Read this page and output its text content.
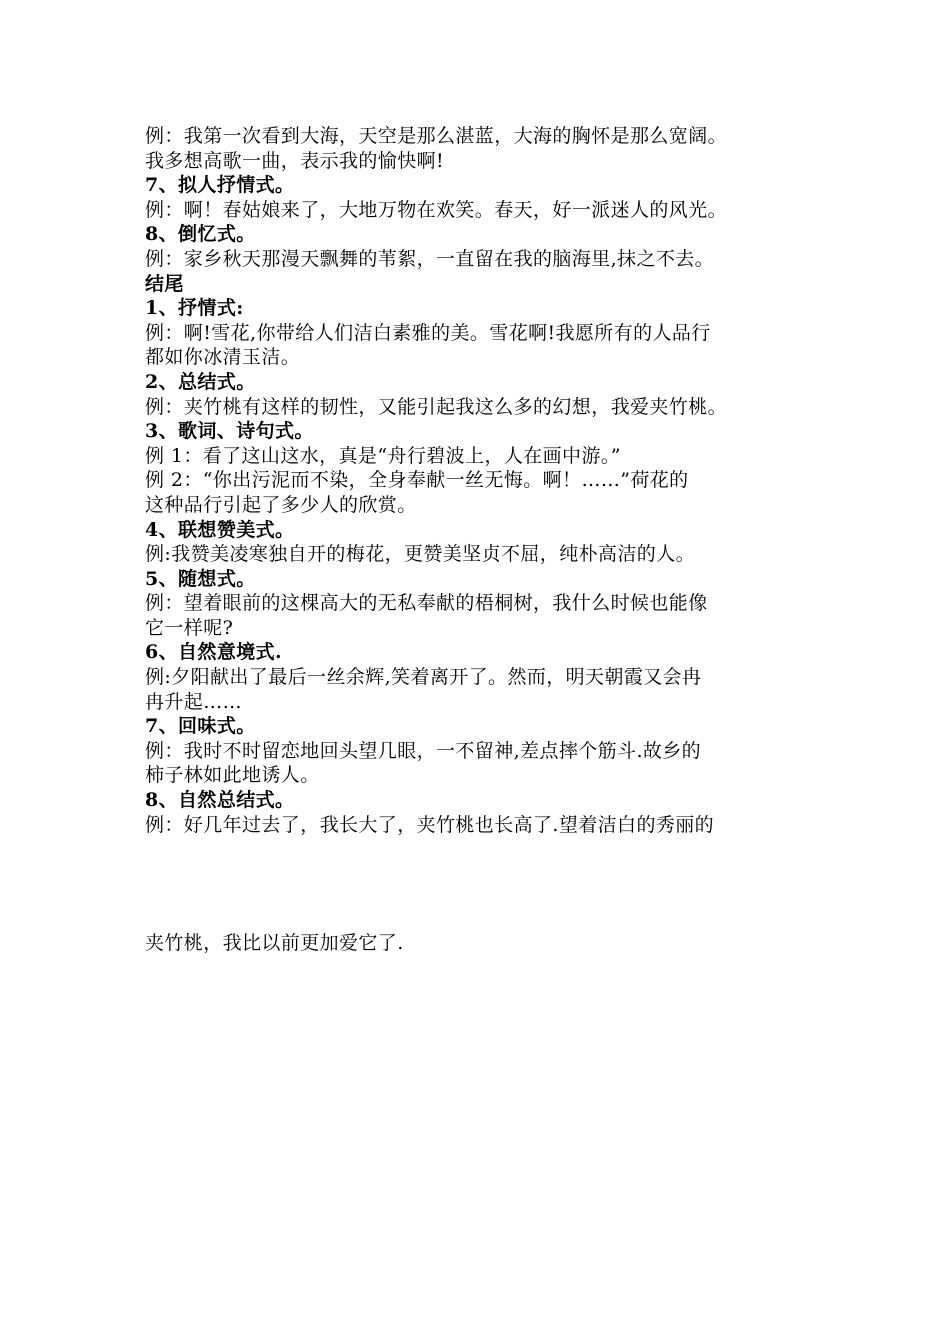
例：我第一次看到大海，天空是那么湛蓝，大海的胸怀是那么宽阔。
我多想高歌一曲，表示我的愉快啊!
7、拟人抒情式。
例：啊！春姑娘来了，大地万物在欢笑。春天，好一派迷人的风光。
8、倒忆式。
例：家乡秋天那漫天飘舞的苇絮，一直留在我的脑海里,抹之不去。
结尾
1、抒情式:
例：啊!雪花,你带给人们洁白素雅的美。雪花啊!我愿所有的人品行
都如你冰清玉洁。
2、总结式。
例：夹竹桃有这样的韧性，又能引起我这么多的幻想，我爱夹竹桃。
3、歌词、诗句式。
例 1：看了这山这水，真是“舟行碧波上，人在画中游。”
例 2：“你出污泥而不染，全身奉献一丝无悔。啊！……”荷花的
这种品行引起了多少人的欣赏。
4、联想赞美式。
例:我赞美凌寒独自开的梅花，更赞美坚贞不屈，纯朴高洁的人。
5、随想式。
例：望着眼前的这棵高大的无私奉献的梧桐树，我什么时候也能像
它一样呢?
6、自然意境式.
例:夕阳献出了最后一丝余辉,笑着离开了。然而，明天朝霞又会冉
冉升起……
7、回味式。
例：我时不时留恋地回头望几眼，一不留神,差点摔个筋斗.故乡的
柿子林如此地诱人。
8、自然总结式。
例：好几年过去了，我长大了，夹竹桃也长高了.望着洁白的秀丽的
夹竹桃，我比以前更加爱它了.
